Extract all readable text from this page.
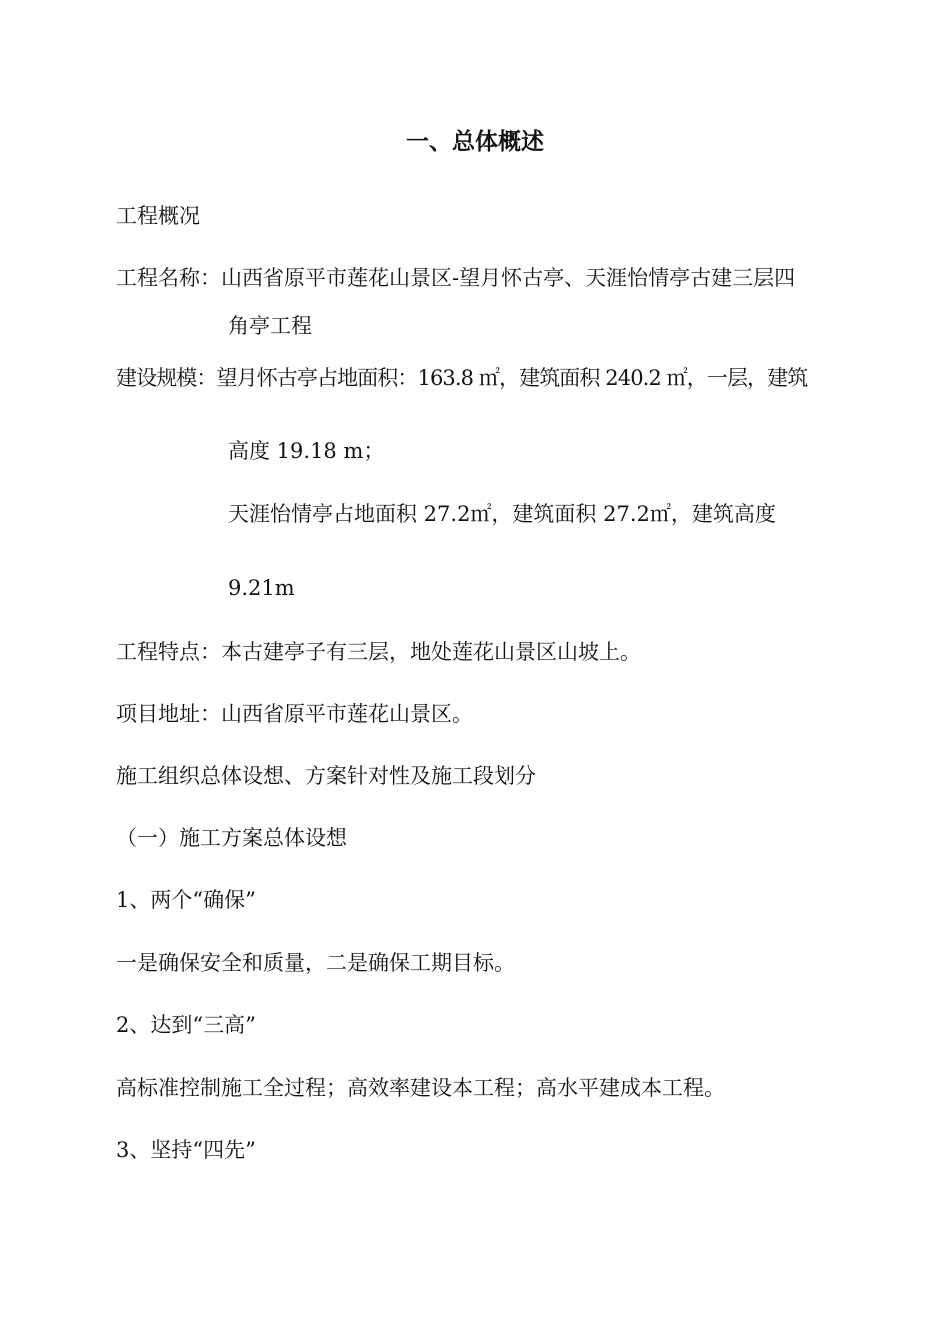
一、总体概述
工程概况
工程名称：山西省原平市莲花山景区-望月怀古亭、天涯怡情亭古建三层四
角亭工程
建设规模：望月怀古亭占地面积：163.8 ㎡，建筑面积 240.2 ㎡，一层，建筑
高度 19.18 m；
天涯怡情亭占地面积 27.2㎡，建筑面积 27.2㎡，建筑高度
9.21m
工程特点：本古建亭子有三层，地处莲花山景区山坡上。
项目地址：山西省原平市莲花山景区。
施工组织总体设想、方案针对性及施工段划分
（一）施工方案总体设想
1、两个“确保”
一是确保安全和质量，二是确保工期目标。
2、达到“三高”
高标准控制施工全过程；高效率建设本工程；高水平建成本工程。
3、坚持“四先”
